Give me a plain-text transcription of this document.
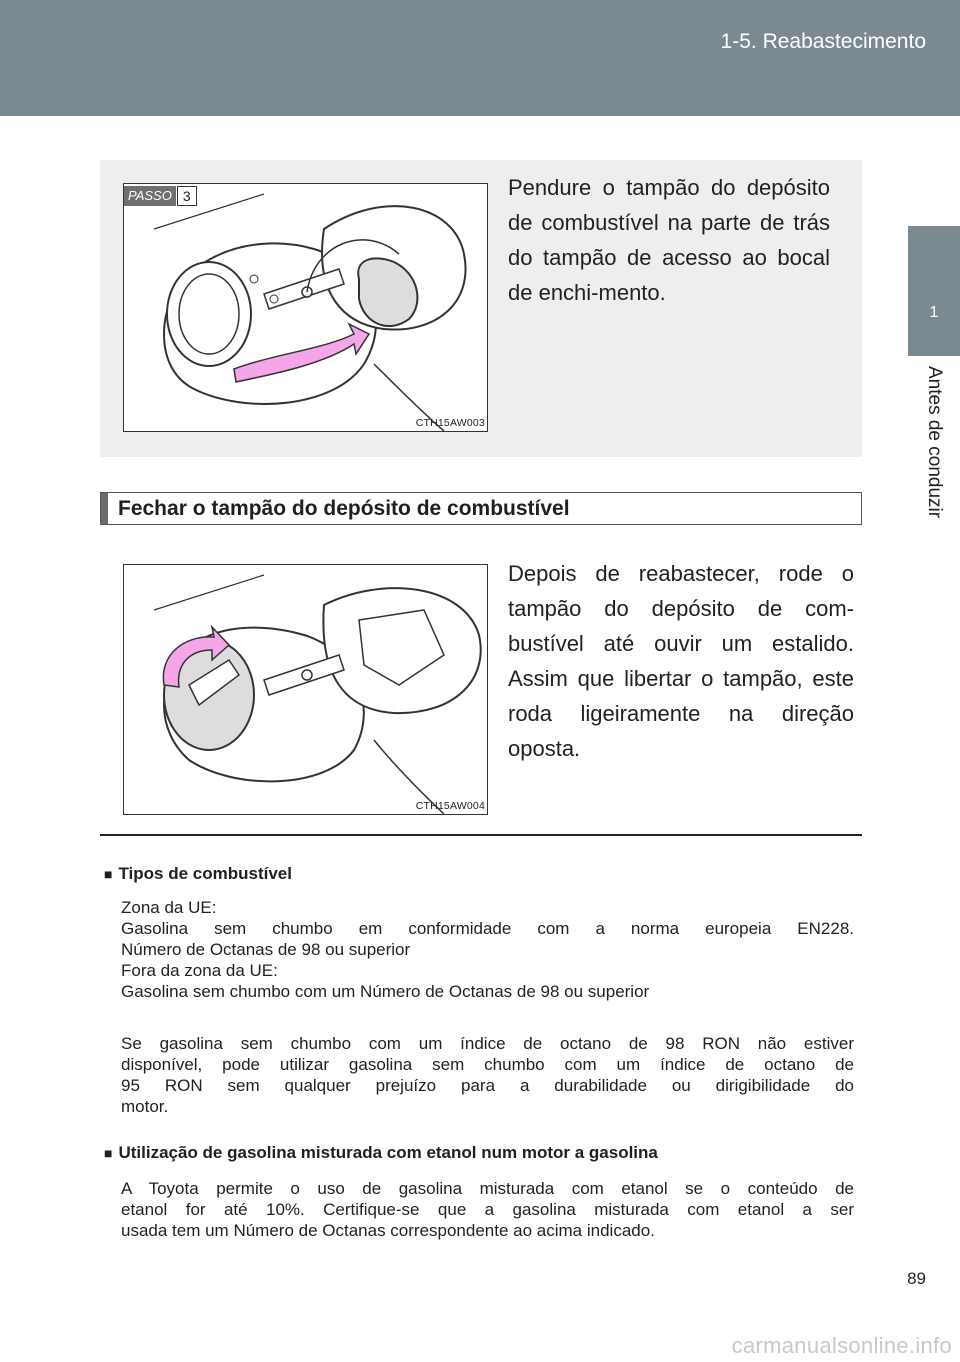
1-5. Reabastecimento
1
Antes de conduzir
PASSO 3
CTH15AW003
Pendure o tampão do depósito de combustível na parte de trás do tampão de acesso ao bocal de enchi-mento.
Fechar o tampão do depósito de combustível
CTH15AW004
Depois de reabastecer, rode o tampão do depósito de com-bustível até ouvir um estalido. Assim que libertar o tampão, este roda ligeiramente na direção oposta.
■ Tipos de combustível
Zona da UE:
Gasolina sem chumbo em conformidade com a norma europeia EN228.
Número de Octanas de 98 ou superior
Fora da zona da UE:
Gasolina sem chumbo com um Número de Octanas de 98 ou superior
Se gasolina sem chumbo com um índice de octano de 98 RON não estiver
disponível, pode utilizar gasolina sem chumbo com um índice de octano de
95 RON sem qualquer prejuízo para a durabilidade ou dirigibilidade do
motor.
■ Utilização de gasolina misturada com etanol num motor a gasolina
A Toyota permite o uso de gasolina misturada com etanol se o conteúdo de
etanol for até 10%. Certifique-se que a gasolina misturada com etanol a ser
usada tem um Número de Octanas correspondente ao acima indicado.
89
carmanualsonline.info
